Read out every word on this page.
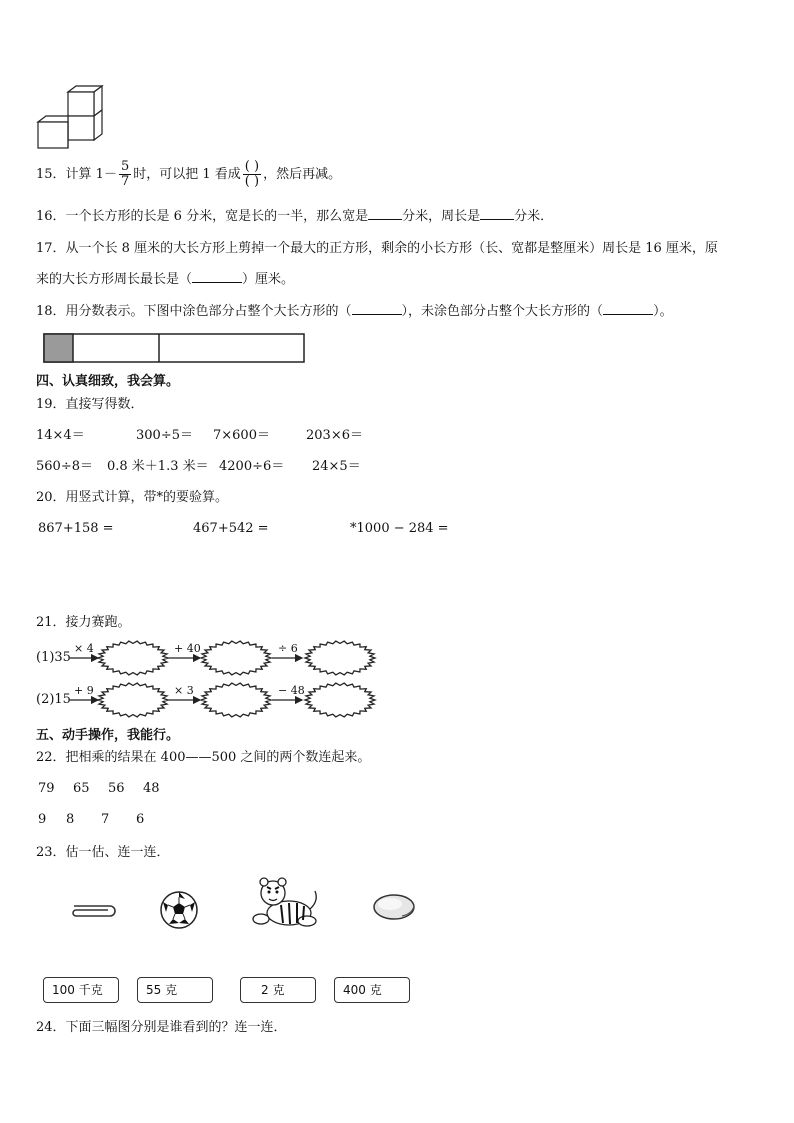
15．计算 $1- \frac{5}{7}$ 时，可以把 1 看成 $\frac{( )}{( )}$ ，然后再减。
16．一个长方形的长是 6 分米，宽是长的一半，那么宽是	分米，周长是	分米．
17．从一个长 8 厘米的大长方形上剪掉一个最大的正方形，剩余的小长方形（长、宽都是整厘米）周长是 16 厘米，原
来的大长方形周长最长是（	）厘米。
18．用分数表示。下图中涂色部分占整个大长方形的（	），未涂色部分占整个大长方形的（	）。
四、认真细致，我会算。
19．直接写得数．
14×4＝	300÷5＝ 7×600＝	203×6＝
560÷8＝ 0.8 米＋1.3 米＝ 4200÷6＝ 24×5＝
20．用竖式计算，带*的要验算。
867+158 =	467+542 =	*1000 − 284 =
21．接力赛跑。
(1)35
(2)15
× 4	+ 40	÷ 6
+ 9	× 3	− 48
五、动手操作，我能行。
22．把相乘的结果在 400——500 之间的两个数连起来。
79 65 56 48
9 8 7 6
23．估一估、连一连．
100 千克	55 克	2 克	400 克
24．下面三幅图分别是谁看到的？连一连．
